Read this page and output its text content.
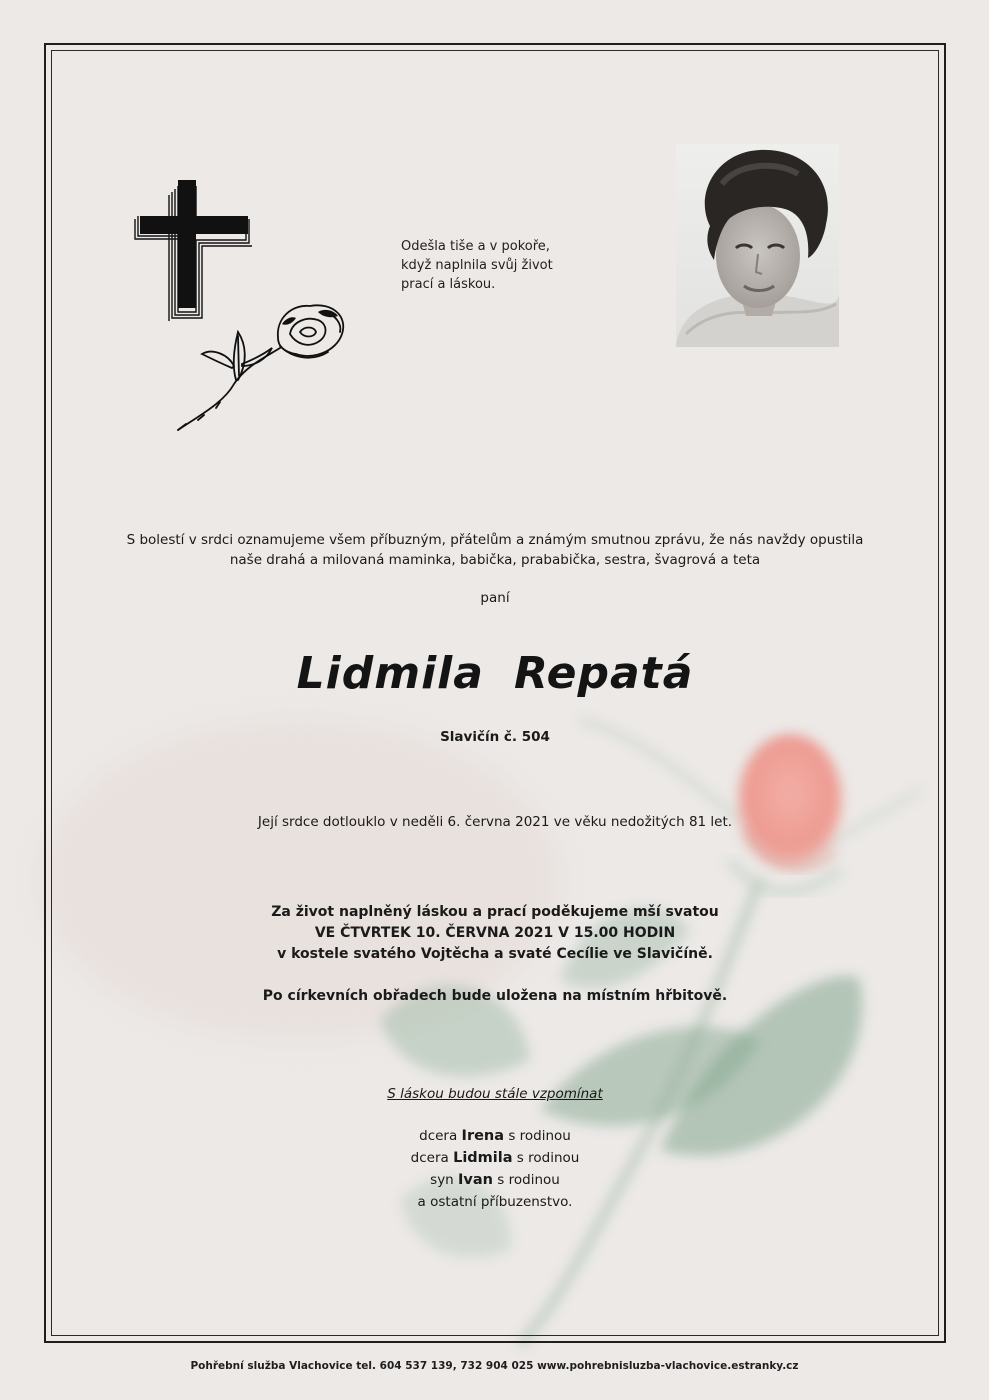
Odešla tiše a v pokoře,
když naplnila svůj život
prací a láskou.
S bolestí v srdci oznamujeme všem příbuzným, přátelům a známým smutnou zprávu, že nás navždy opustila
naše drahá a milovaná maminka, babička, prababička, sestra, švagrová a teta
paní
Lidmila Repatá
Slavičín č. 504
Její srdce dotlouklo v neděli 6. června 2021 ve věku nedožitých 81 let.
Za život naplněný láskou a prací poděkujeme mší svatou
VE ČTVRTEK 10. ČERVNA 2021 V 15.00 HODIN
v kostele svatého Vojtěcha a svaté Cecílie ve Slavičíně.
Po církevních obřadech bude uložena na místním hřbitově.
S láskou budou stále vzpomínat
dcera Irena s rodinou
dcera Lidmila s rodinou
syn Ivan s rodinou
a ostatní příbuzenstvo.
Pohřební služba Vlachovice tel. 604 537 139, 732 904 025 www.pohrebnisluzba-vlachovice.estranky.cz
